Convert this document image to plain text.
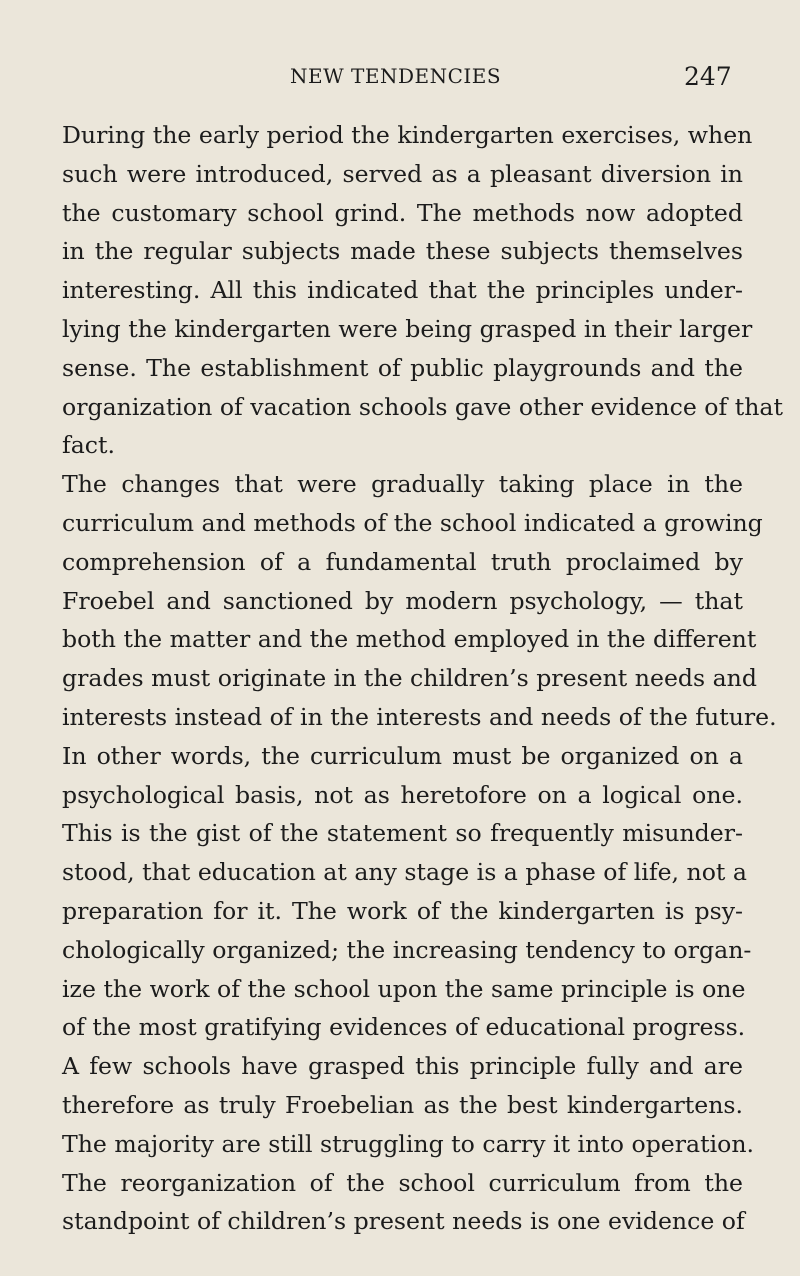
NEW TENDENCIES	247
During the early period the kindergarten exercises, when
such were introduced, served as a pleasant diversion in
the customary school grind. The methods now adopted
in the regular subjects made these subjects themselves
interesting. All this indicated that the principles under-
lying the kindergarten were being grasped in their larger
sense. The establishment of public playgrounds and the
organization of vacation schools gave other evidence of that
fact.
The changes that were gradually taking place in the
curriculum and methods of the school indicated a growing
comprehension of a fundamental truth proclaimed by
Froebel and sanctioned by modern psychology, — that
both the matter and the method employed in the different
grades must originate in the children’s present needs and
interests instead of in the interests and needs of the future.
In other words, the curriculum must be organized on a
psychological basis, not as heretofore on a logical one.
This is the gist of the statement so frequently misunder-
stood, that education at any stage is a phase of life, not a
preparation for it. The work of the kindergarten is psy-
chologically organized; the increasing tendency to organ-
ize the work of the school upon the same principle is one
of the most gratifying evidences of educational progress.
A few schools have grasped this principle fully and are
therefore as truly Froebelian as the best kindergartens.
The majority are still struggling to carry it into operation.
The reorganization of the school curriculum from the
standpoint of children’s present needs is one evidence of
